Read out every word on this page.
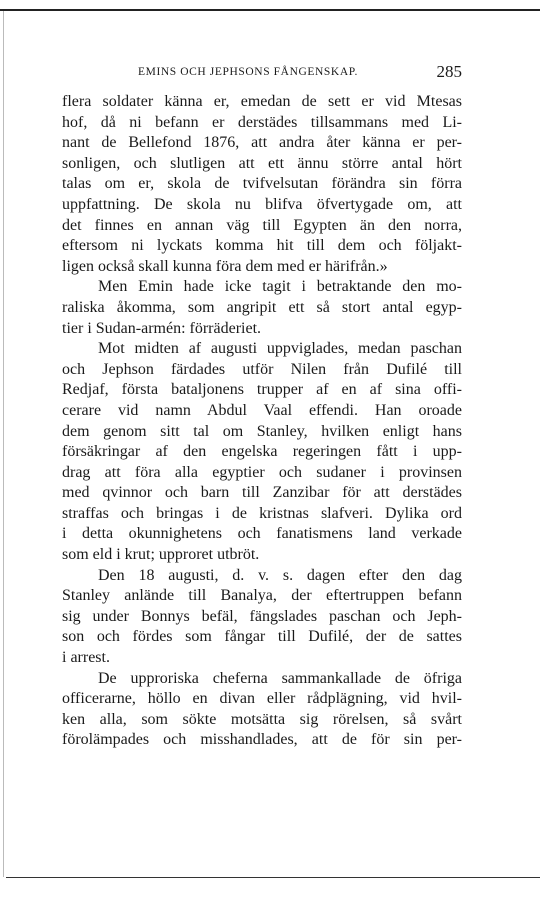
EMINS OCH JEPHSONS FÅNGENSKAP.	285
flera soldater känna er, emedan de sett er vid Mtesas
hof, då ni befann er derstädes tillsammans med Li-
nant de Bellefond 1876, att andra åter känna er per-
sonligen, och slutligen att ett ännu större antal hört
talas om er, skola de tvifvelsutan förändra sin förra
uppfattning. De skola nu blifva öfvertygade om, att
det finnes en annan väg till Egypten än den norra,
eftersom ni lyckats komma hit till dem och följakt-
ligen också skall kunna föra dem med er härifrån.»
Men Emin hade icke tagit i betraktande den mo-
raliska åkomma, som angripit ett så stort antal egyp-
tier i Sudan-armén: förräderiet.
Mot midten af augusti uppviglades, medan paschan
och Jephson färdades utför Nilen från Dufilé till
Redjaf, första bataljonens trupper af en af sina offi-
cerare vid namn Abdul Vaal effendi. Han oroade
dem genom sitt tal om Stanley, hvilken enligt hans
försäkringar af den engelska regeringen fått i upp-
drag att föra alla egyptier och sudaner i provinsen
med qvinnor och barn till Zanzibar för att derstädes
straffas och bringas i de kristnas slafveri. Dylika ord
i detta okunnighetens och fanatismens land verkade
som eld i krut; upproret utbröt.
Den 18 augusti, d. v. s. dagen efter den dag
Stanley anlände till Banalya, der eftertruppen befann
sig under Bonnys befäl, fängslades paschan och Jeph-
son och fördes som fångar till Dufilé, der de sattes
i arrest.
De upproriska cheferna sammankallade de öfriga
officerarne, höllo en divan eller rådplägning, vid hvil-
ken alla, som sökte motsätta sig rörelsen, så svårt
förolämpades och misshandlades, att de för sin per-
